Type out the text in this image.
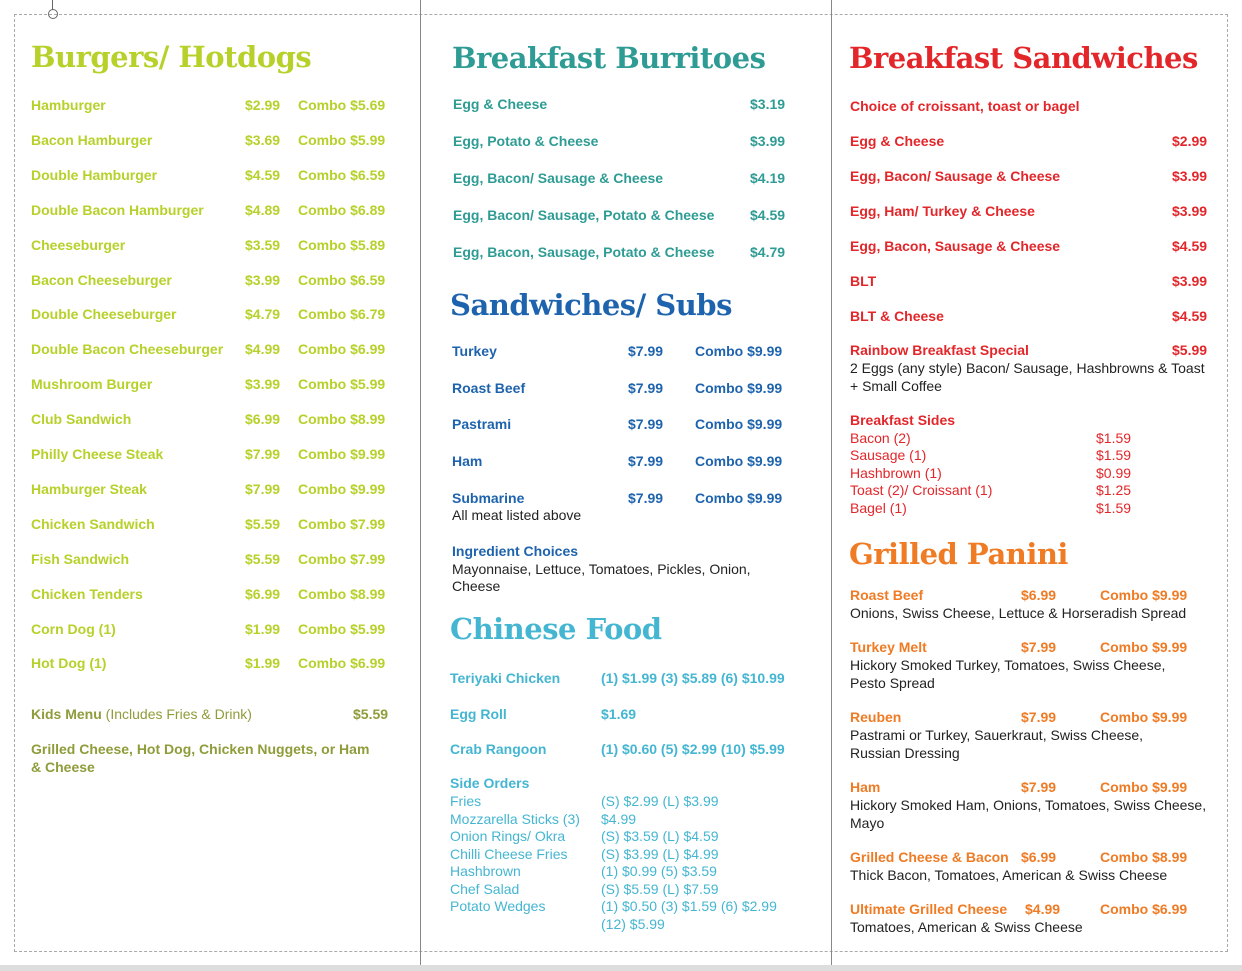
Burgers/ Hotdogs
Hamburger	$2.99 Combo $5.69
Bacon Hamburger	$3.69 Combo $5.99
Double Hamburger	$4.59 Combo $6.59
Double Bacon Hamburger	$4.89 Combo $6.89
Cheeseburger	$3.59 Combo $5.89
Bacon Cheeseburger	$3.99 Combo $6.59
Double Cheeseburger	$4.79 Combo $6.79
Double Bacon Cheeseburger $4.99 Combo $6.99
Mushroom Burger	$3.99 Combo $5.99
Club Sandwich	$6.99 Combo $8.99
Philly Cheese Steak	$7.99 Combo $9.99
Hamburger Steak	$7.99 Combo $9.99
Chicken Sandwich	$5.59 Combo $7.99
Fish Sandwich	$5.59 Combo $7.99
Chicken Tenders	$6.99 Combo $8.99
Corn Dog (1)	$1.99 Combo $5.99
Hot Dog (1)	$1.99 Combo $6.99
Kids Menu (Includes Fries & Drink)	$5.59
Grilled Cheese, Hot Dog, Chicken Nuggets, or Ham
& Cheese
Breakfast Burritoes
Egg & Cheese	$3.19
Egg, Potato & Cheese	$3.99
Egg, Bacon/ Sausage & Cheese	$4.19
Egg, Bacon/ Sausage, Potato & Cheese	$4.59
Egg, Bacon, Sausage, Potato & Cheese	$4.79
Sandwiches/ Subs
Turkey	$7.99 Combo $9.99
Roast Beef	$7.99 Combo $9.99
Pastrami	$7.99 Combo $9.99
Ham	$7.99 Combo $9.99
Submarine	$7.99 Combo $9.99
All meat listed above
Ingredient Choices
Mayonnaise, Lettuce, Tomatoes, Pickles, Onion,
Cheese
Chinese Food
Teriyaki Chicken	(1) $1.99 (3) $5.89 (6) $10.99
Egg Roll	$1.69
Crab Rangoon	(1) $0.60 (5) $2.99 (10) $5.99
Side Orders
Fries	(S) $2.99 (L) $3.99
Mozzarella Sticks (3) $4.99
Onion Rings/ Okra	(S) $3.59 (L) $4.59
Chilli Cheese Fries (S) $3.99 (L) $4.99
Hashbrown	(1) $0.99 (5) $3.59
Chef Salad	(S) $5.59 (L) $7.59
Potato Wedges	(1) $0.50 (3) $1.59 (6) $2.99
(12) $5.99
Breakfast Sandwiches
Choice of croissant, toast or bagel
Egg & Cheese	$2.99
Egg, Bacon/ Sausage & Cheese	$3.99
Egg, Ham/ Turkey & Cheese	$3.99
Egg, Bacon, Sausage & Cheese	$4.59
BLT	$3.99
BLT & Cheese	$4.59
Rainbow Breakfast Special	$5.99
2 Eggs (any style) Bacon/ Sausage, Hashbrowns & Toast
+ Small Coffee
Breakfast Sides
Bacon (2)	$1.59
Sausage (1)	$1.59
Hashbrown (1)	$0.99
Toast (2)/ Croissant (1)	$1.25
Bagel (1)	$1.59
Grilled Panini
Roast Beef	$6.99	Combo $9.99
Onions, Swiss Cheese, Lettuce & Horseradish Spread
Turkey Melt	$7.99	Combo $9.99
Hickory Smoked Turkey, Tomatoes, Swiss Cheese,
Pesto Spread
Reuben	$7.99	Combo $9.99
Pastrami or Turkey, Sauerkraut, Swiss Cheese,
Russian Dressing
Ham	$7.99	Combo $9.99
Hickory Smoked Ham, Onions, Tomatoes, Swiss Cheese,
Mayo
Grilled Cheese & Bacon $6.99	Combo $8.99
Thick Bacon, Tomatoes, American & Swiss Cheese
Ultimate Grilled Cheese $4.99	Combo $6.99
Tomatoes, American & Swiss Cheese
